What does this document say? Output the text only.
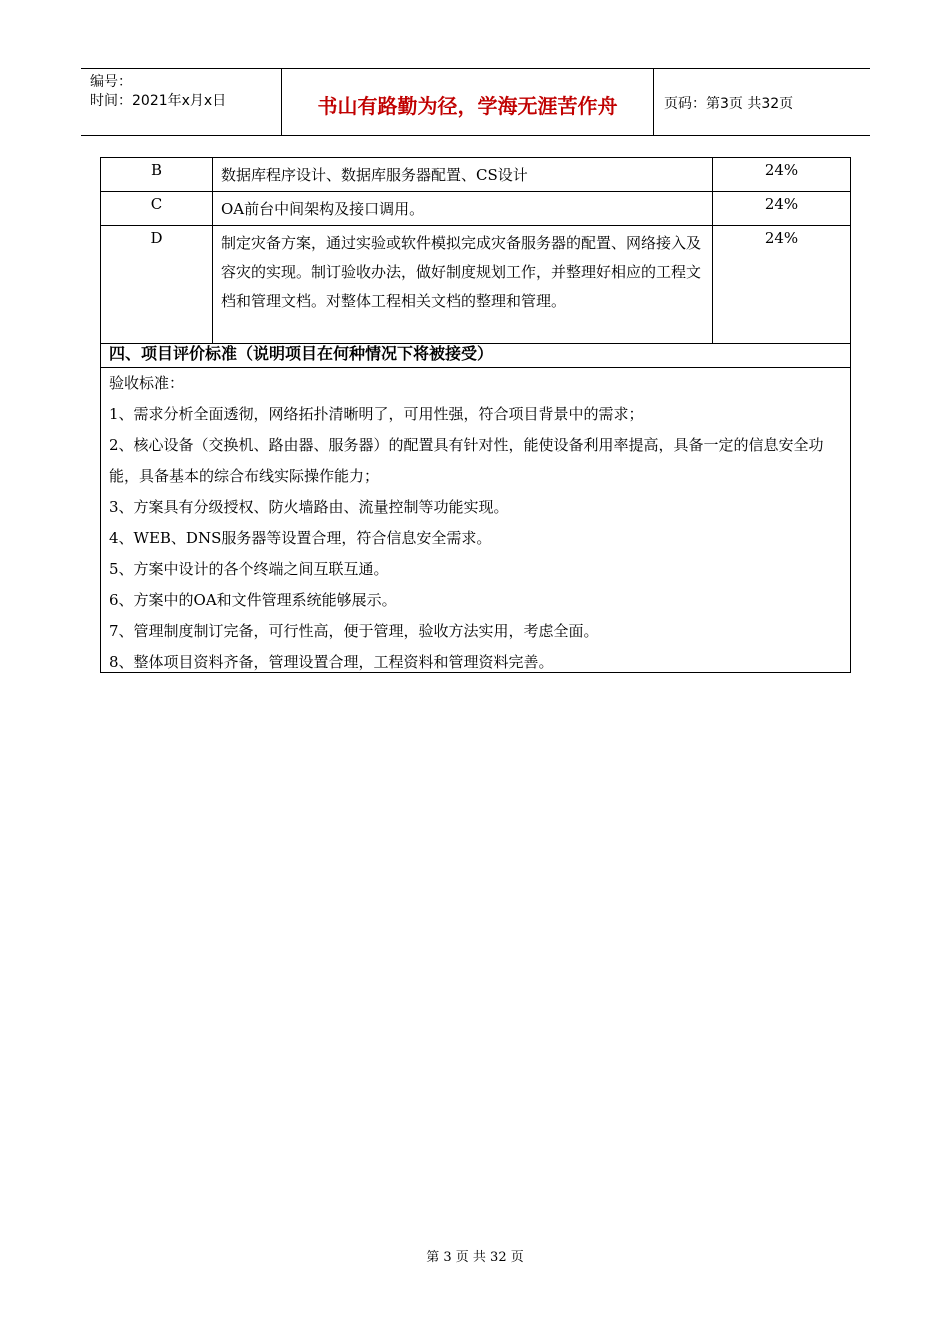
编号：
时间：2021年x月x日	书山有路勤为径，学海无涯苦作舟	页码：第3页 共32页
B	数据库程序设计、数据库服务器配置、CS设计	24%
C	OA前台中间架构及接口调用。	24%
D	制定灾备方案，通过实验或软件模拟完成灾备服务器的配置、网络接入及容灾的实现。制订验收办法，做好制度规划工作，并整理好相应的工程文档和管理文档。对整体工程相关文档的整理和管理。	24%
四、项目评价标准（说明项目在何种情况下将被接受）

验收标准：

1、需求分析全面透彻，网络拓扑清晰明了，可用性强，符合项目背景中的需求；

2、核心设备（交换机、路由器、服务器）的配置具有针对性，能使设备利用率提高，具备一定的信息安全功能，具备基本的综合布线实际操作能力；

3、方案具有分级授权、防火墙路由、流量控制等功能实现。

4、WEB、DNS服务器等设置合理，符合信息安全需求。

5、方案中设计的各个终端之间互联互通。

6、方案中的OA和文件管理系统能够展示。

7、管理制度制订完备，可行性高，便于管理，验收方法实用，考虑全面。

8、整体项目资料齐备，管理设置合理，工程资料和管理资料完善。

第 3 页 共 32 页
